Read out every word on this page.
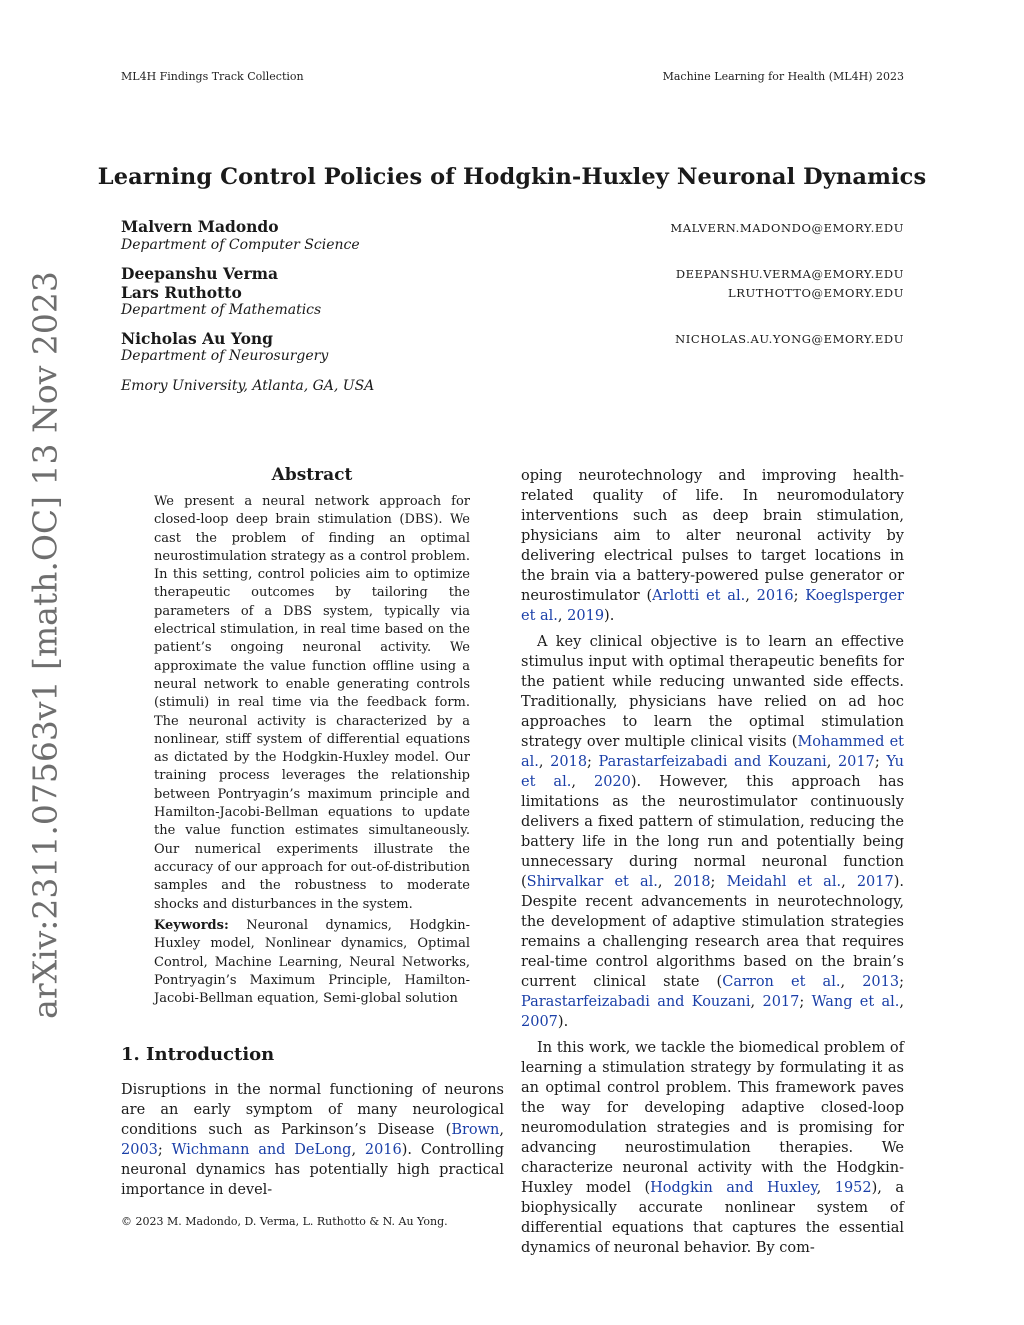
ML4H Findings Track Collection	Machine Learning for Health (ML4H) 2023
Learning Control Policies of Hodgkin-Huxley Neuronal Dynamics
Malvern Madondo	MALVERN.MADONDO@EMORY.EDU
Department of Computer Science
Deepanshu Verma	DEEPANSHU.VERMA@EMORY.EDU
Lars Ruthotto	LRUTHOTTO@EMORY.EDU
Department of Mathematics
Nicholas Au Yong	NICHOLAS.AU.YONG@EMORY.EDU
Department of Neurosurgery
Emory University, Atlanta, GA, USA
arXiv:2311.07563v1 [math.OC] 13 Nov 2023	Abstract
We present a neural network approach for closed-loop deep brain stimulation (DBS). We cast the problem of finding an optimal neurostimulation strategy as a control problem. In this setting, control policies aim to optimize therapeutic outcomes by tailoring the parameters of a DBS system, typically via electrical stimulation, in real time based on the patient’s ongoing neuronal activity. We approximate the value function offline using a neural network to enable generating controls (stimuli) in real time via the feedback form. The neuronal activity is characterized by a nonlinear, stiff system of differential equations as dictated by the Hodgkin-Huxley model. Our training process leverages the relationship between Pontryagin’s maximum principle and Hamilton-Jacobi-Bellman equations to update the value function estimates simultaneously. Our numerical experiments illustrate the accuracy of our approach for out-of-distribution samples and the robustness to moderate shocks and disturbances in the system.
Keywords: Neuronal dynamics, Hodgkin-Huxley model, Nonlinear dynamics, Optimal Control, Machine Learning, Neural Networks, Pontryagin’s Maximum Principle, Hamilton-Jacobi-Bellman equation, Semi-global solution
1. Introduction
Disruptions in the normal functioning of neurons are an early symptom of many neurological conditions such as Parkinson’s Disease (Brown, 2003; Wichmann and DeLong, 2016). Controlling neuronal dynamics has potentially high practical importance in devel-

oping neurotechnology and improving health-related quality of life. In neuromodulatory interventions such as deep brain stimulation, physicians aim to alter neuronal activity by delivering electrical pulses to target locations in the brain via a battery-powered pulse generator or neurostimulator (Arlotti et al., 2016; Koeglsperger et al., 2019).

A key clinical objective is to learn an effective stimulus input with optimal therapeutic benefits for the patient while reducing unwanted side effects. Traditionally, physicians have relied on ad hoc approaches to learn the optimal stimulation strategy over multiple clinical visits (Mohammed et al., 2018; Parastarfeizabadi and Kouzani, 2017; Yu et al., 2020). However, this approach has limitations as the neurostimulator continuously delivers a fixed pattern of stimulation, reducing the battery life in the long run and potentially being unnecessary during normal neuronal function (Shirvalkar et al., 2018; Meidahl et al., 2017). Despite recent advancements in neurotechnology, the development of adaptive stimulation strategies remains a challenging research area that requires real-time control algorithms based on the brain’s current clinical state (Carron et al., 2013; Parastarfeizabadi and Kouzani, 2017; Wang et al., 2007).

In this work, we tackle the biomedical problem of learning a stimulation strategy by formulating it as an optimal control problem. This framework paves the way for developing adaptive closed-loop neuromodulation strategies and is promising for advancing neurostimulation therapies. We characterize neuronal activity with the Hodgkin-Huxley model (Hodgkin and Huxley, 1952), a biophysically accurate nonlinear system of differential equations that captures the essential dynamics of neuronal behavior. By com-

© 2023 M. Madondo, D. Verma, L. Ruthotto & N. Au Yong.
